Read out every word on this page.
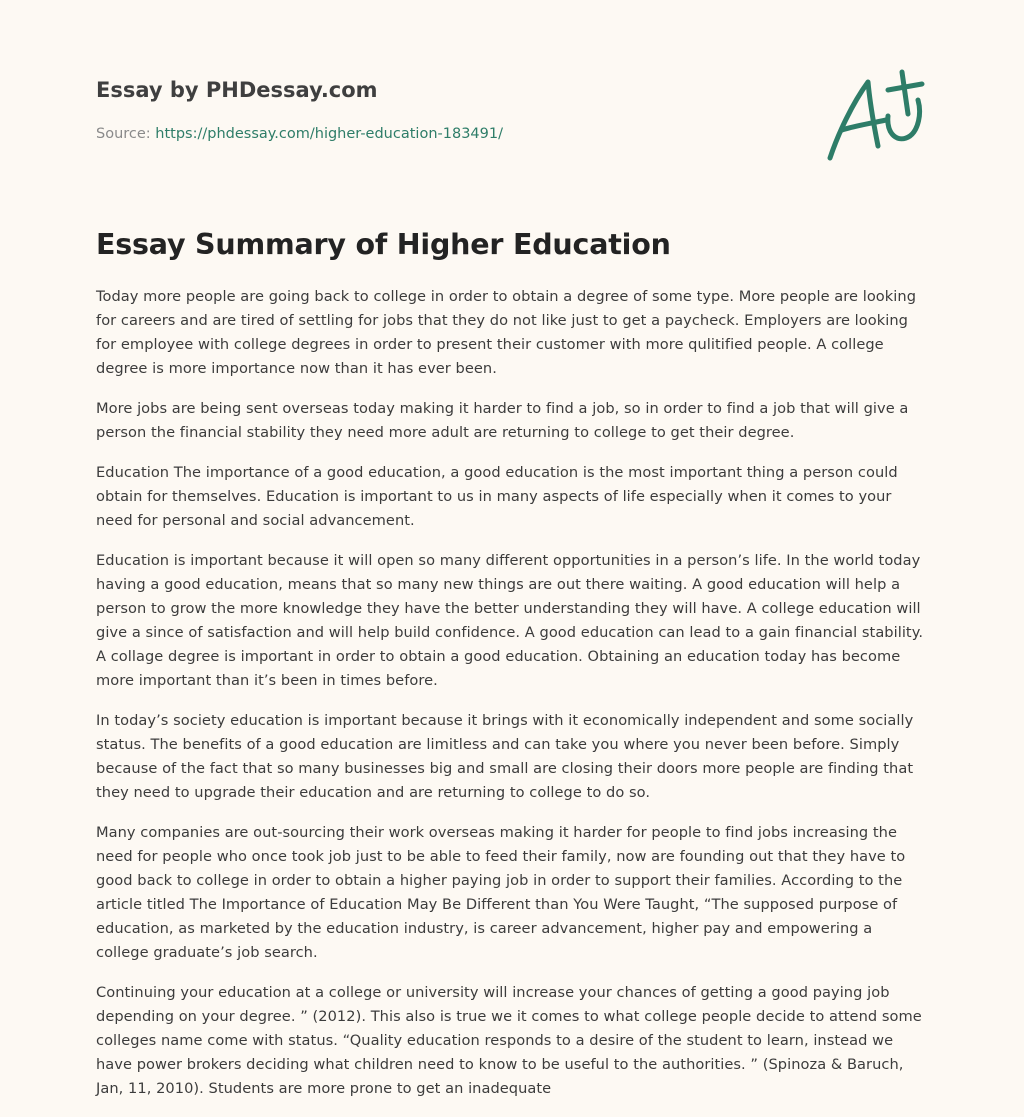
Essay by PHDessay.com

Source: https://phdessay.com/higher-education-183491/

Essay Summary of Higher Education

Today more people are going back to college in order to obtain a degree of some type. More people are looking for careers and are tired of settling for jobs that they do not like just to get a paycheck. Employers are looking for employee with college degrees in order to present their customer with more qulitified people. A college degree is more importance now than it has ever been.

More jobs are being sent overseas today making it harder to find a job, so in order to find a job that will give a person the financial stability they need more adult are returning to college to get their degree.

Education The importance of a good education, a good education is the most important thing a person could obtain for themselves. Education is important to us in many aspects of life especially when it comes to your need for personal and social advancement.

Education is important because it will open so many different opportunities in a person’s life. In the world today having a good education, means that so many new things are out there waiting. A good education will help a person to grow the more knowledge they have the better understanding they will have. A college education will give a since of satisfaction and will help build confidence. A good education can lead to a gain financial stability. A collage degree is important in order to obtain a good education. Obtaining an education today has become more important than it’s been in times before.

In today’s society education is important because it brings with it economically independent and some socially status. The benefits of a good education are limitless and can take you where you never been before. Simply because of the fact that so many businesses big and small are closing their doors more people are finding that they need to upgrade their education and are returning to college to do so.

Many companies are out-sourcing their work overseas making it harder for people to find jobs increasing the need for people who once took job just to be able to feed their family, now are founding out that they have to good back to college in order to obtain a higher paying job in order to support their families. According to the article titled The Importance of Education May Be Different than You Were Taught, “The supposed purpose of education, as marketed by the education industry, is career advancement, higher pay and empowering a college graduate’s job search.

Continuing your education at a college or university will increase your chances of getting a good paying job depending on your degree. ” (2012). This also is true we it comes to what college people decide to attend some colleges name come with status. “Quality education responds to a desire of the student to learn, instead we have power brokers deciding what children need to know to be useful to the authorities. ” (Spinoza & Baruch, Jan, 11, 2010). Students are more prone to get an inadequate
